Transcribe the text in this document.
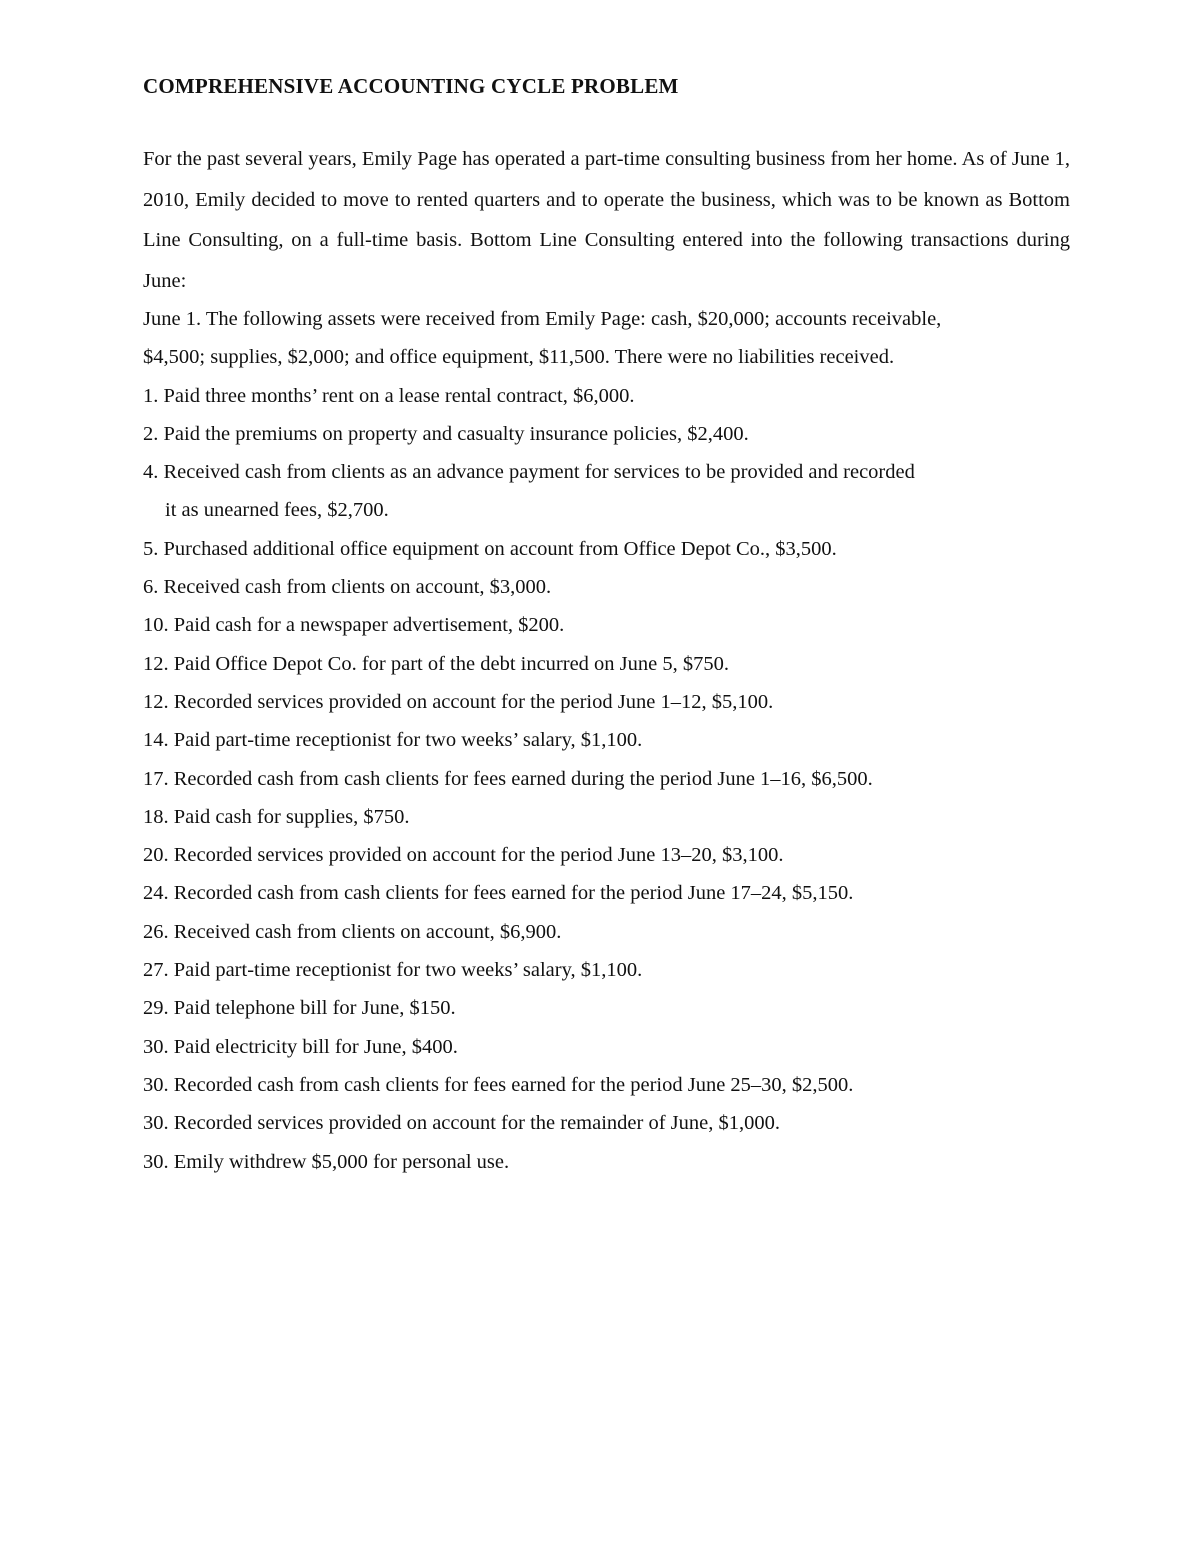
COMPREHENSIVE ACCOUNTING CYCLE PROBLEM

For the past several years, Emily Page has operated a part-time consulting business from her home. As of June 1, 2010, Emily decided to move to rented quarters and to operate the business, which was to be known as Bottom Line Consulting, on a full-time basis. Bottom Line Consulting entered into the following transactions during June:

June 1. The following assets were received from Emily Page: cash, $20,000; accounts receivable,
$4,500; supplies, $2,000; and office equipment, $11,500. There were no liabilities received.
1. Paid three months’ rent on a lease rental contract, $6,000.
2. Paid the premiums on property and casualty insurance policies, $2,400.
4. Received cash from clients as an advance payment for services to be provided and recorded
it as unearned fees, $2,700.
5. Purchased additional office equipment on account from Office Depot Co., $3,500.
6. Received cash from clients on account, $3,000.
10. Paid cash for a newspaper advertisement, $200.
12. Paid Office Depot Co. for part of the debt incurred on June 5, $750.
12. Recorded services provided on account for the period June 1–12, $5,100.
14. Paid part-time receptionist for two weeks’ salary, $1,100.
17. Recorded cash from cash clients for fees earned during the period June 1–16, $6,500.
18. Paid cash for supplies, $750.
20. Recorded services provided on account for the period June 13–20, $3,100.
24. Recorded cash from cash clients for fees earned for the period June 17–24, $5,150.
26. Received cash from clients on account, $6,900.
27. Paid part-time receptionist for two weeks’ salary, $1,100.
29. Paid telephone bill for June, $150.
30. Paid electricity bill for June, $400.
30. Recorded cash from cash clients for fees earned for the period June 25–30, $2,500.
30. Recorded services provided on account for the remainder of June, $1,000.
30. Emily withdrew $5,000 for personal use.
